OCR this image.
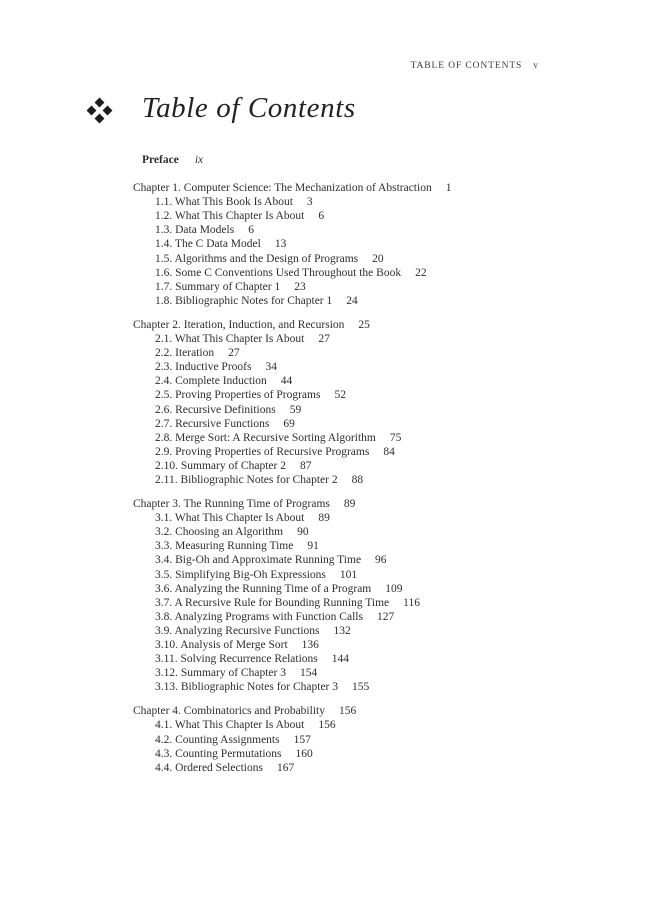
TABLE OF CONTENTS v
Table of Contents
Preface ix
Chapter 1. Computer Science: The Mechanization of Abstraction 1
1.1. What This Book Is About 3
1.2. What This Chapter Is About 6
1.3. Data Models 6
1.4. The C Data Model 13
1.5. Algorithms and the Design of Programs 20
1.6. Some C Conventions Used Throughout the Book 22
1.7. Summary of Chapter 1 23
1.8. Bibliographic Notes for Chapter 1 24
Chapter 2. Iteration, Induction, and Recursion 25
2.1. What This Chapter Is About 27
2.2. Iteration 27
2.3. Inductive Proofs 34
2.4. Complete Induction 44
2.5. Proving Properties of Programs 52
2.6. Recursive Definitions 59
2.7. Recursive Functions 69
2.8. Merge Sort: A Recursive Sorting Algorithm 75
2.9. Proving Properties of Recursive Programs 84
2.10. Summary of Chapter 2 87
2.11. Bibliographic Notes for Chapter 2 88
Chapter 3. The Running Time of Programs 89
3.1. What This Chapter Is About 89
3.2. Choosing an Algorithm 90
3.3. Measuring Running Time 91
3.4. Big-Oh and Approximate Running Time 96
3.5. Simplifying Big-Oh Expressions 101
3.6. Analyzing the Running Time of a Program 109
3.7. A Recursive Rule for Bounding Running Time 116
3.8. Analyzing Programs with Function Calls 127
3.9. Analyzing Recursive Functions 132
3.10. Analysis of Merge Sort 136
3.11. Solving Recurrence Relations 144
3.12. Summary of Chapter 3 154
3.13. Bibliographic Notes for Chapter 3 155
Chapter 4. Combinatorics and Probability 156
4.1. What This Chapter Is About 156
4.2. Counting Assignments 157
4.3. Counting Permutations 160
4.4. Ordered Selections 167
